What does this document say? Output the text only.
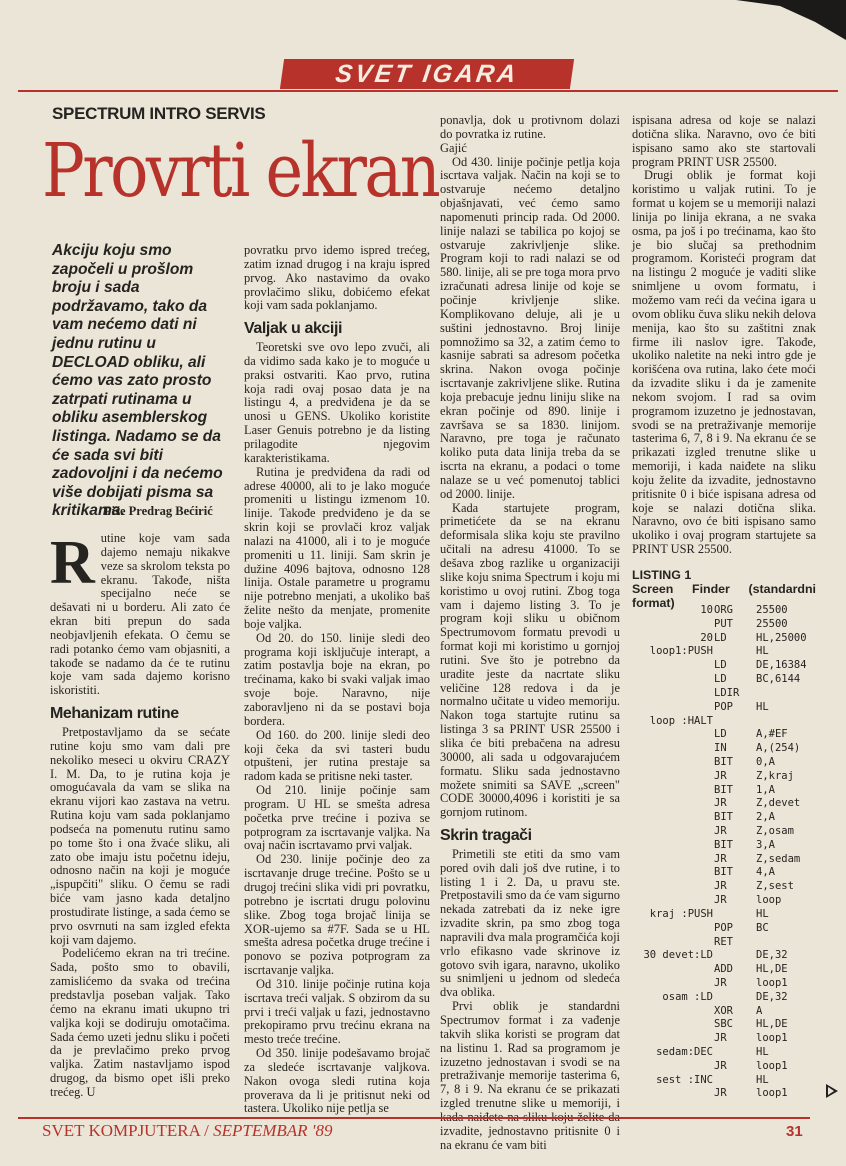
SVET IGARA
SPECTRUM INTRO SERVIS
Provrti ekran
Akciju koju smo započeli u prošlom broju i sada podržavamo, tako da vam nećemo dati ni jednu rutinu u DECLOAD obliku, ali ćemo vas zato prosto zatrpati rutinama u obliku asemblerskog listinga. Nadamo se da će sada svi biti zadovoljni i da nećemo više dobijati pisma sa kritikama.
Piše Predrag Bećirić

Rutine koje vam sada dajemo nemaju nikakve veze sa skrolom teksta po ekranu. Takođe, ništa specijalno neće se dešavati ni u borderu. Ali zato će ekran biti prepun do sada neobjavljenih efekata. O čemu se radi potanko ćemo vam objasniti, a takođe se nadamo da će te rutinu koje vam sada dajemo korisno iskoristiti.

Mehanizam rutine

Pretpostavljamo da se sećate rutine koju smo vam dali pre nekoliko meseci u okviru CRAZY I. M. Da, to je rutina koja je omogućavala da vam se slika na ekranu vijori kao zastava na vetru. Rutina koju vam sada poklanjamo podseća na pomenutu rutinu samo po tome što i ona žvaće sliku, ali zato obe imaju istu početnu ideju, odnosno način na koji je moguće „ispupčiti" sliku. O čemu se radi biće vam jasno kada detaljno prostudirate listinge, a sada ćemo se prvo osvrnuti na sam izgled efekta koji vam dajemo.

Podelićemo ekran na tri trećine. Sada, pošto smo to obavili, zamislićemo da svaka od trećina predstavlja poseban valjak. Tako ćemo na ekranu imati ukupno tri valjka koji se dodiruju omotačima. Sada ćemo uzeti jednu sliku i početi da je prevlačimo preko prvog valjka. Zatim nastavljamo ispod drugog, da bismo opet išli preko trećeg. U

povratku prvo idemo ispred trećeg, zatim iznad drugog i na kraju ispred prvog. Ako nastavimo da ovako provlačimo sliku, dobićemo efekat koji vam sada poklanjamo.

Valjak u akciji

Teoretski sve ovo lepo zvuči, ali da vidimo sada kako je to moguće u praksi ostvariti. Kao prvo, rutina koja radi ovaj posao data je na listingu 4, a predviđena je da se unosi u GENS. Ukoliko koristite Laser Genuis potrebno je da listing prilagodite njegovim karakteristikama.

Rutina je predviđena da radi od adrese 40000, ali to je lako moguće promeniti u listingu izmenom 10. linije. Takođe predviđeno je da se skrin koji se provlači kroz valjak nalazi na 41000, ali i to je moguće promeniti u 11. liniji. Sam skrin je dužine 4096 bajtova, odnosno 128 linija. Ostale parametre u programu nije potrebno menjati, a ukoliko baš želite nešto da menjate, promenite boje valjka.

Od 20. do 150. linije sledi deo programa koji isključuje interapt, a zatim postavlja boje na ekran, po trećinama, kako bi svaki valjak imao svoje boje. Naravno, nije zaboravljeno ni da se postavi boja bordera.

Od 160. do 200. linije sledi deo koji čeka da svi tasteri budu otpušteni, jer rutina prestaje sa radom kada se pritisne neki taster.

Od 210. linije počinje sam program. U HL se smešta adresa početka prve trećine i poziva se potprogram za iscrtavanje valjka. Na ovaj način iscrtavamo prvi valjak.

Od 230. linije počinje deo za iscrtavanje druge trećine. Pošto se u drugoj trećini slika vidi pri povratku, potrebno je iscrtati drugu polovinu slike. Zbog toga brojač linija se XOR-ujemo sa #7F. Sada se u HL smešta adresa početka druge trećine i ponovo se poziva potprogram za iscrtavanje valjka.

Od 310. linije počinje rutina koja iscrtava treći valjak. S obzirom da su prvi i treći valjak u fazi, jednostavno prekopiramo prvu trećinu ekrana na mesto treće trećine.

Od 350. linije podešavamo brojač za sledeće iscrtavanje valjkova. Nakon ovoga sledi rutina koja proverava da li je pritisnut neki od tastera. Ukoliko nije petlja se

ponavlja, dok u protivnom dolazi do povratka iz rutine.

Gajić

Od 430. linije počinje petlja koja iscrtava valjak. Način na koji se to ostvaruje nećemo detaljno objašnjavati, već ćemo samo napomenuti princip rada. Od 2000. linije nalazi se tabilica po kojoj se ostvaruje zakrivljenje slike. Program koji to radi nalazi se od 580. linije, ali se pre toga mora prvo izračunati adresa linije od koje se počinje krivljenje slike. Komplikovano deluje, ali je u suštini jednostavno. Broj linije pomnožimo sa 32, a zatim ćemo to kasnije sabrati sa adresom početka skrina. Nakon ovoga počinje iscrtavanje zakrivljene slike. Rutina koja prebacuje jednu liniju slike na ekran počinje od 890. linije i završava se sa 1830. linijom. Naravno, pre toga je računato koliko puta data linija treba da se iscrta na ekranu, a podaci o tome nalaze se u već pomenutoj tablici od 2000. linije.

Kada startujete program, primetićete da se na ekranu deformisala slika koju ste pravilno učitali na adresu 41000. To se dešava zbog razlike u organizaciji slike koju snima Spectrum i koju mi koristimo u ovoj rutini. Zbog toga vam i dajemo listing 3. To je program koji sliku u običnom Spectrumovom formatu prevodi u format koji mi koristimo u gornjoj rutini. Sve što je potrebno da uradite jeste da nacrtate sliku veličine 128 redova i da je normalno učitate u video memoriju. Nakon toga startujte rutinu sa listinga 3 sa PRINT USR 25500 i slika će biti prebačena na adresu 30000, ali sada u odgovarajućem formatu. Sliku sada jednostavno možete snimiti sa SAVE „screen" CODE 30000,4096 i koristiti je sa gornjom rutinom.

Skrin tragači

Primetili ste etiti da smo vam pored ovih dali još dve rutine, i to listing 1 i 2. Da, u pravu ste. Pretpostavili smo da će vam sigurno nekada zatrebati da iz neke igre izvadite skrin, pa smo zbog toga napravili dva mala programčića koji vrlo efikasno vade skrinove iz gotovo svih igara, naravno, ukoliko su snimljeni u jednom od sledeća dva oblika.

Prvi oblik je standardni Spectrumov format i za vađenje takvih slika koristi se program dat na listinu 1. Rad sa programom je izuzetno jednostavan i svodi se na pretraživanje memorije tasterima 6, 7, 8 i 9. Na ekranu će se prikazati izgled trenutne slike u memoriji, i kada naiđete na sliku koju želite da izvadite, jednostavno pritisnite 0 i na ekranu će vam biti

ispisana adresa od koje se nalazi dotična slika. Naravno, ovo će biti ispisano samo ako ste startovali program PRINT USR 25500.

Drugi oblik je format koji koristimo u valjak rutini. To je format u kojem se u memoriji nalazi linija po linija ekrana, a ne svaka osma, pa još i po trećinama, kao što je bio slučaj sa prethodnim programom. Koristeći program dat na listingu 2 moguće je vaditi slike snimljene u ovom formatu, i možemo vam reći da većina igara u ovom obliku čuva sliku nekih delova menija, kao što su zaštitni znak firme ili naslov igre. Takođe, ukoliko naletite na neki intro gde je korišćena ova rutina, lako ćete moći da izvadite sliku i da je zamenite nekom svojom. I rad sa ovim programom izuzetno je jednostavan, svodi se na pretraživanje memorije tasterima 6, 7, 8 i 9. Na ekranu će se prikazati izgled trenutne slike u memoriji, i kada naiđete na sliku koju želite da izvadite, jednostavno pritisnite 0 i biće ispisana adresa od koje se nalazi dotična slika. Naravno, ovo će biti ispisano samo ukoliko i ovaj program startujete sa PRINT USR 25500.

LISTING 1
Screen Finder (standardni format)
10 ORG	25500
PUT	25500
20 LD	HL,25000
loop1:PUSH	HL
LD	DE,16384
LD	BC,6144
LDIR
POP	HL
loop :HALT
LD	A,#EF
IN	A,(254)
BIT	0,A
JR	Z,kraj
BIT	1,A
JR	Z,devet
BIT	2,A
JR	Z,osam
BIT	3,A
JR	Z,sedam
BIT	4,A
JR	Z,sest
JR	loop
kraj :PUSH	HL
POP	BC
RET
30 devet:LD	DE,32
ADD	HL,DE
JR	loop1
osam :LD	DE,32
XOR	A
SBC	HL,DE
JR	loop1
sedam:DEC	HL
JR	loop1
sest :INC	HL
JR	loop1
SVET KOMPJUTERA / SEPTEMBAR '89	31
